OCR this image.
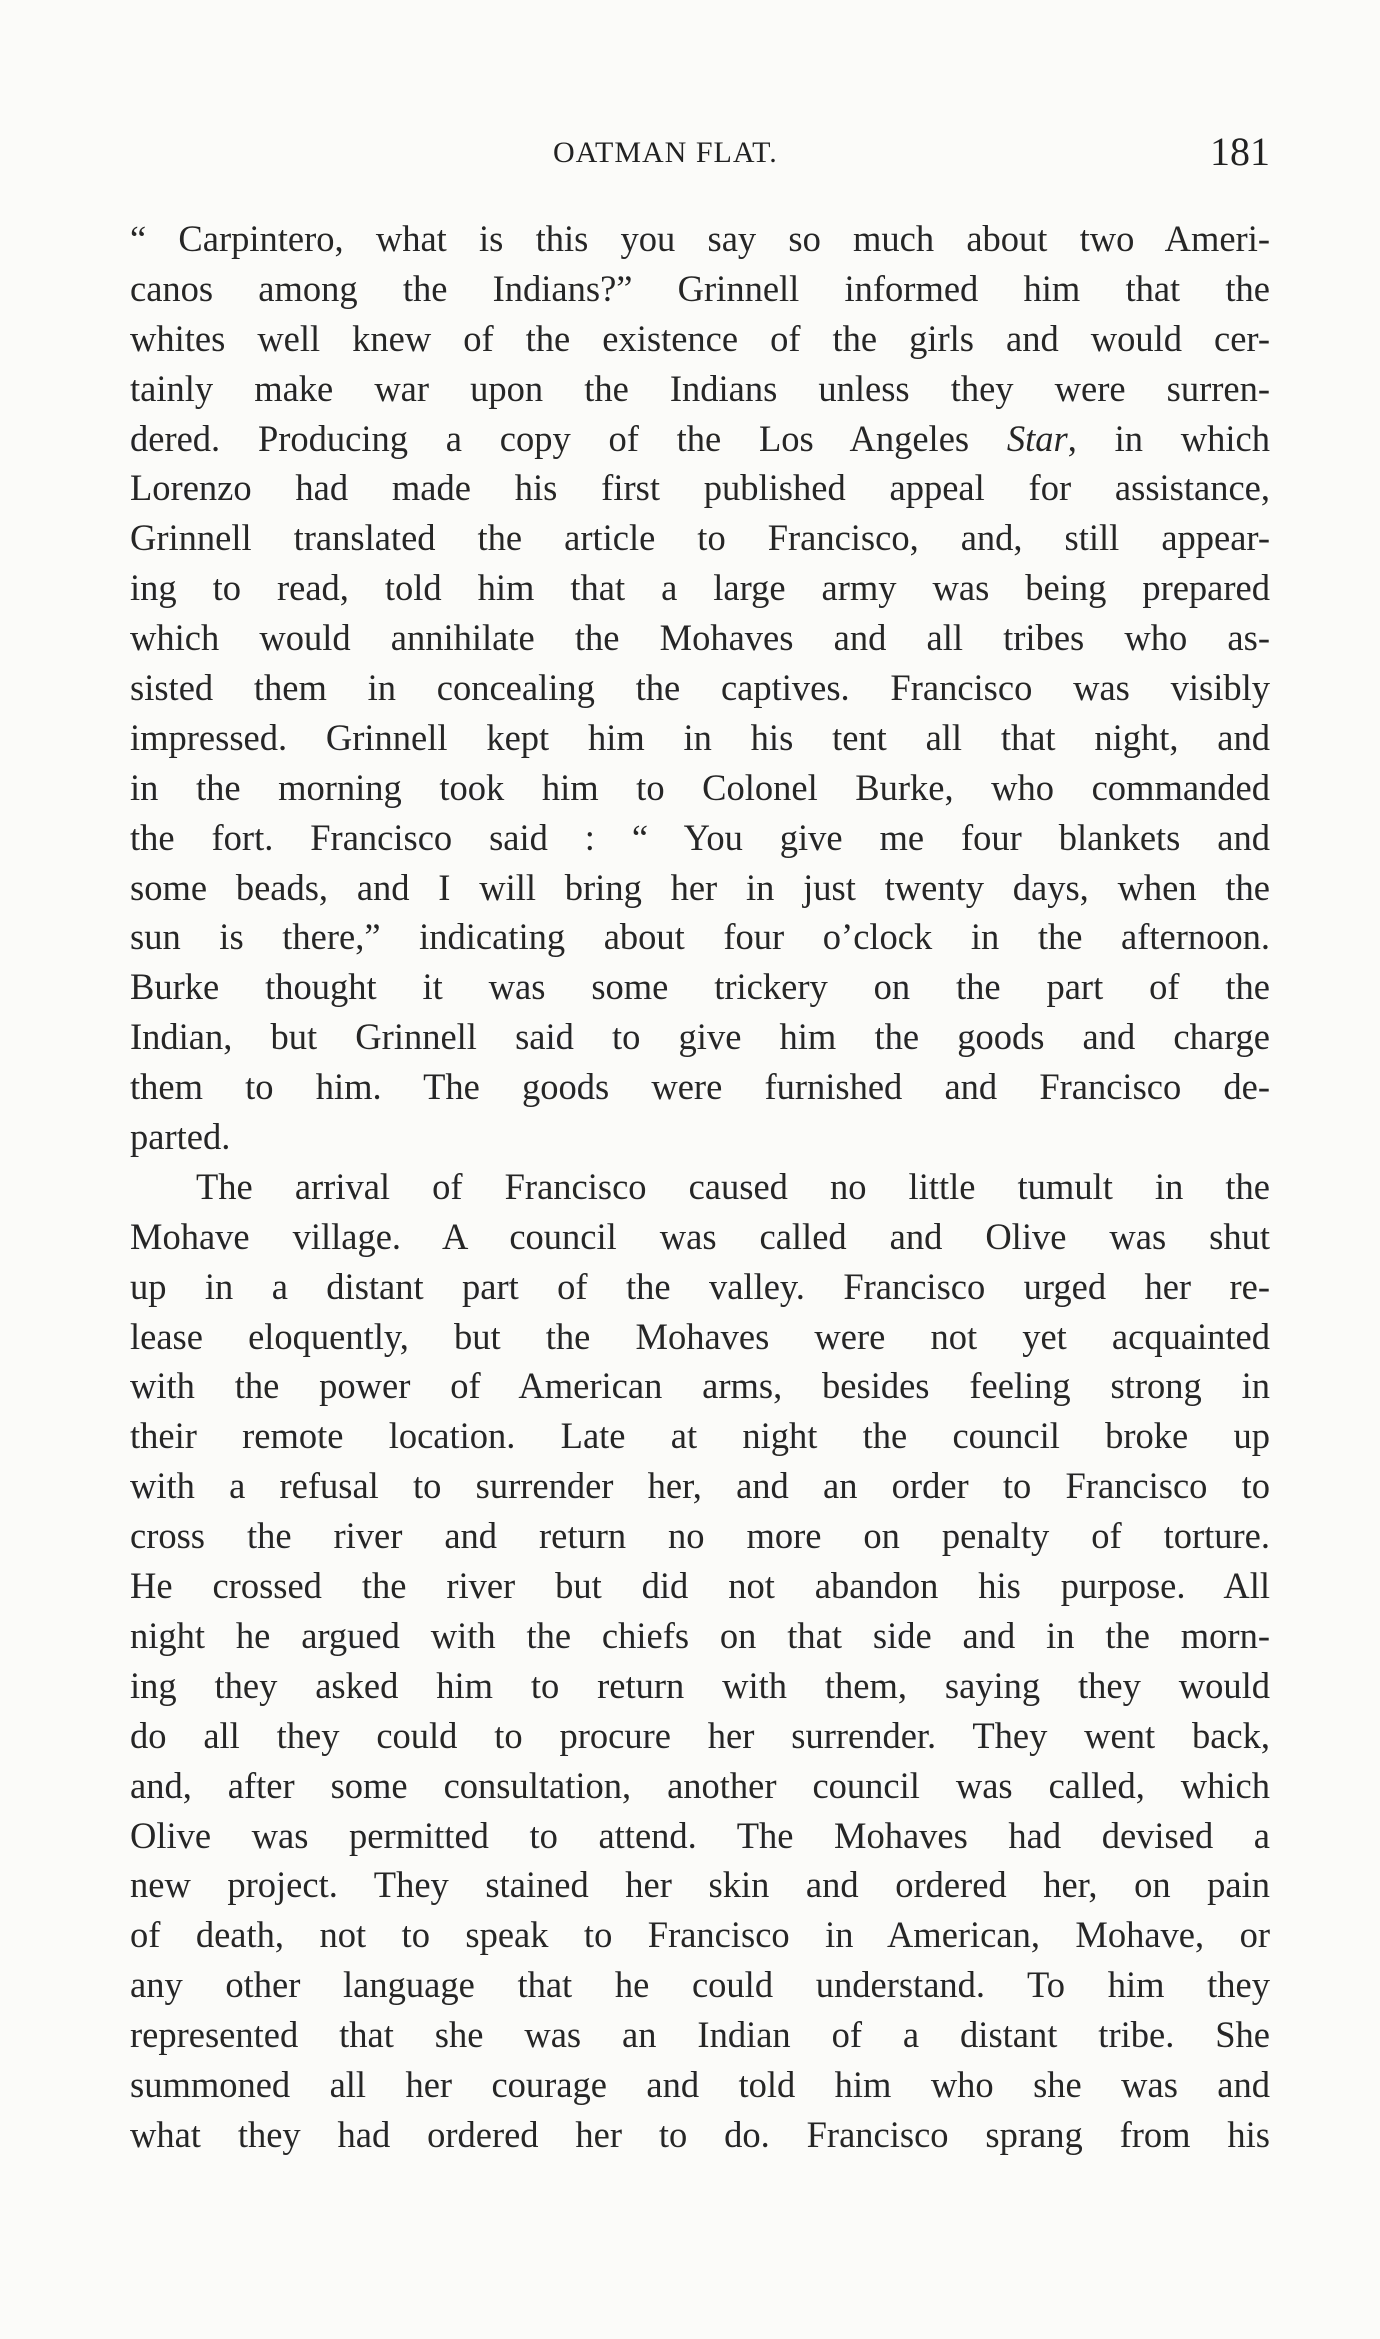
OATMAN FLAT.	181
“ Carpintero, what is this you say so much about two Ameri-
canos among the Indians?” Grinnell informed him that the
whites well knew of the existence of the girls and would cer-
tainly make war upon the Indians unless they were surren-
dered. Producing a copy of the Los Angeles Star, in which
Lorenzo had made his first published appeal for assistance,
Grinnell translated the article to Francisco, and, still appear-
ing to read, told him that a large army was being prepared
which would annihilate the Mohaves and all tribes who as-
sisted them in concealing the captives. Francisco was visibly
impressed. Grinnell kept him in his tent all that night, and
in the morning took him to Colonel Burke, who commanded
the fort. Francisco said : “ You give me four blankets and
some beads, and I will bring her in just twenty days, when the
sun is there,” indicating about four o’clock in the afternoon.
Burke thought it was some trickery on the part of the
Indian, but Grinnell said to give him the goods and charge
them to him. The goods were furnished and Francisco de-
parted.
The arrival of Francisco caused no little tumult in the
Mohave village. A council was called and Olive was shut
up in a distant part of the valley. Francisco urged her re-
lease eloquently, but the Mohaves were not yet acquainted
with the power of American arms, besides feeling strong in
their remote location. Late at night the council broke up
with a refusal to surrender her, and an order to Francisco to
cross the river and return no more on penalty of torture.
He crossed the river but did not abandon his purpose. All
night he argued with the chiefs on that side and in the morn-
ing they asked him to return with them, saying they would
do all they could to procure her surrender. They went back,
and, after some consultation, another council was called, which
Olive was permitted to attend. The Mohaves had devised a
new project. They stained her skin and ordered her, on pain
of death, not to speak to Francisco in American, Mohave, or
any other language that he could understand. To him they
represented that she was an Indian of a distant tribe. She
summoned all her courage and told him who she was and
what they had ordered her to do. Francisco sprang from his
